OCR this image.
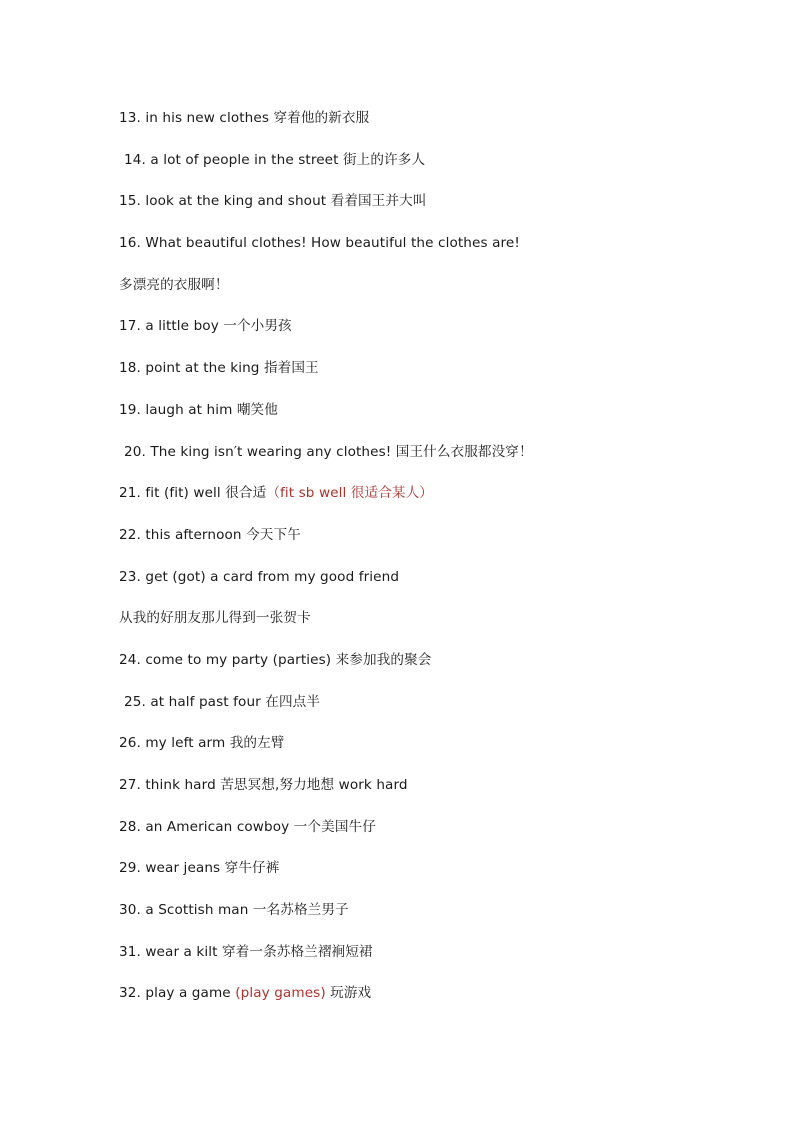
13. in his new clothes 穿着他的新衣服
14. a lot of people in the street 街上的许多人
15. look at the king and shout 看着国王并大叫
16. What beautiful clothes! How beautiful the clothes are!
多漂亮的衣服啊！
17. a little boy 一个小男孩
18. point at the king 指着国王
19. laugh at him 嘲笑他
20. The king isn′t wearing any clothes! 国王什么衣服都没穿！
21. fit (fit) well 很合适（fit sb well 很适合某人）
22. this afternoon 今天下午
23. get (got) a card from my good friend
从我的好朋友那儿得到一张贺卡
24. come to my party (parties) 来参加我的聚会
25. at half past four 在四点半
26. my left arm 我的左臂
27. think hard 苦思冥想,努力地想 work hard
28. an American cowboy 一个美国牛仔
29. wear jeans 穿牛仔裤
30. a Scottish man 一名苏格兰男子
31. wear a kilt 穿着一条苏格兰褶裥短裙
32. play a game (play games) 玩游戏
